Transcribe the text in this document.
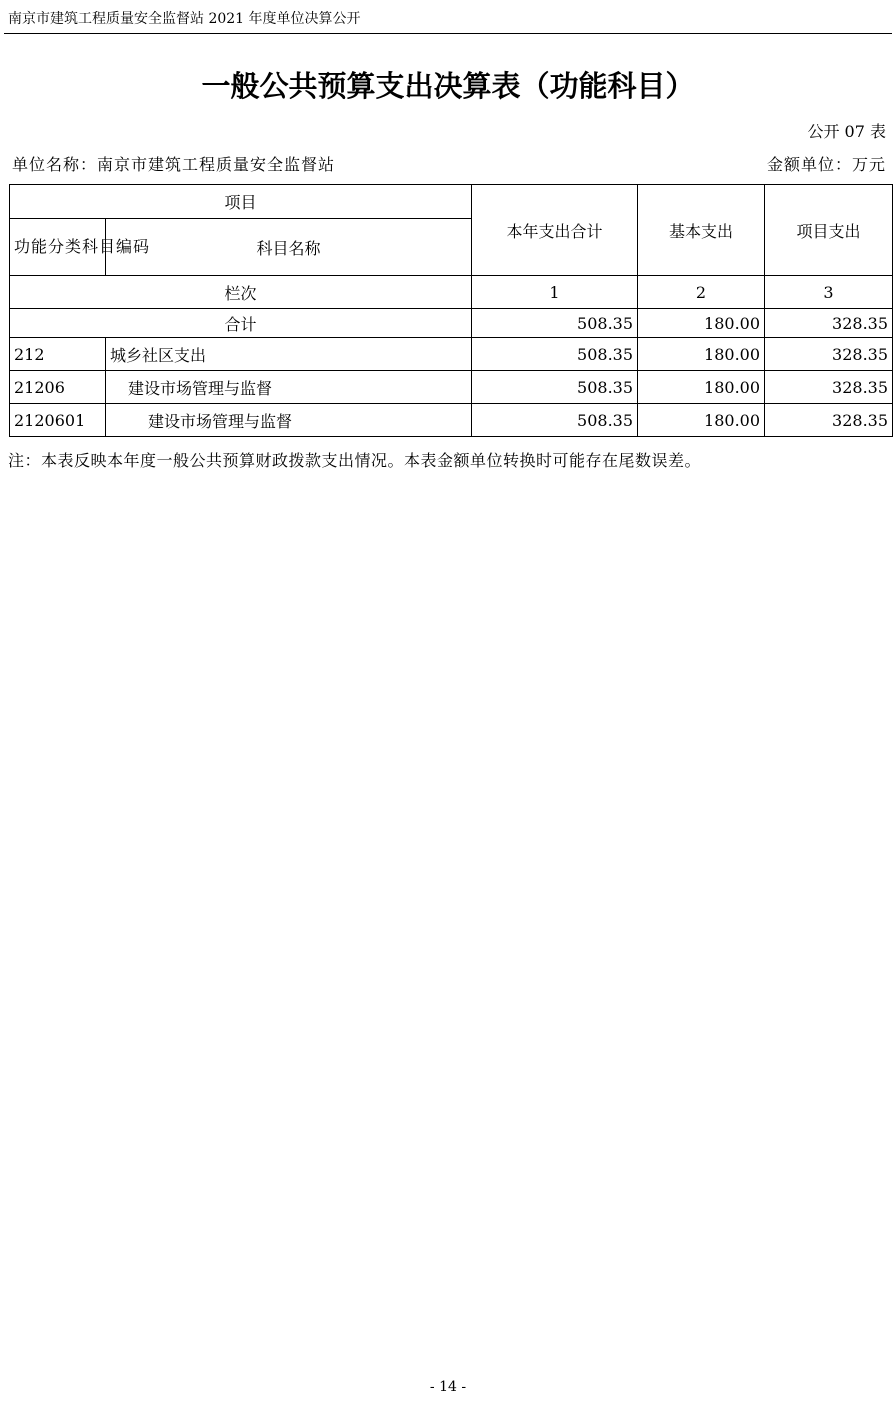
南京市建筑工程质量安全监督站 2021 年度单位决算公开
一般公共预算支出决算表（功能科目）
公开 07 表
单位名称：南京市建筑工程质量安全监督站	金额单位：万元
项目		本年支出合计	基本支出	项目支出
功能分类科目编码	科目名称			
栏次		1	2	3
合计		508.35	180.00	328.35
212	城乡社区支出	508.35	180.00	328.35
21206	建设市场管理与监督	508.35	180.00	328.35
2120601	建设市场管理与监督	508.35	180.00	328.35
注：本表反映本年度一般公共预算财政拨款支出情况。本表金额单位转换时可能存在尾数误差。
- 14 -
